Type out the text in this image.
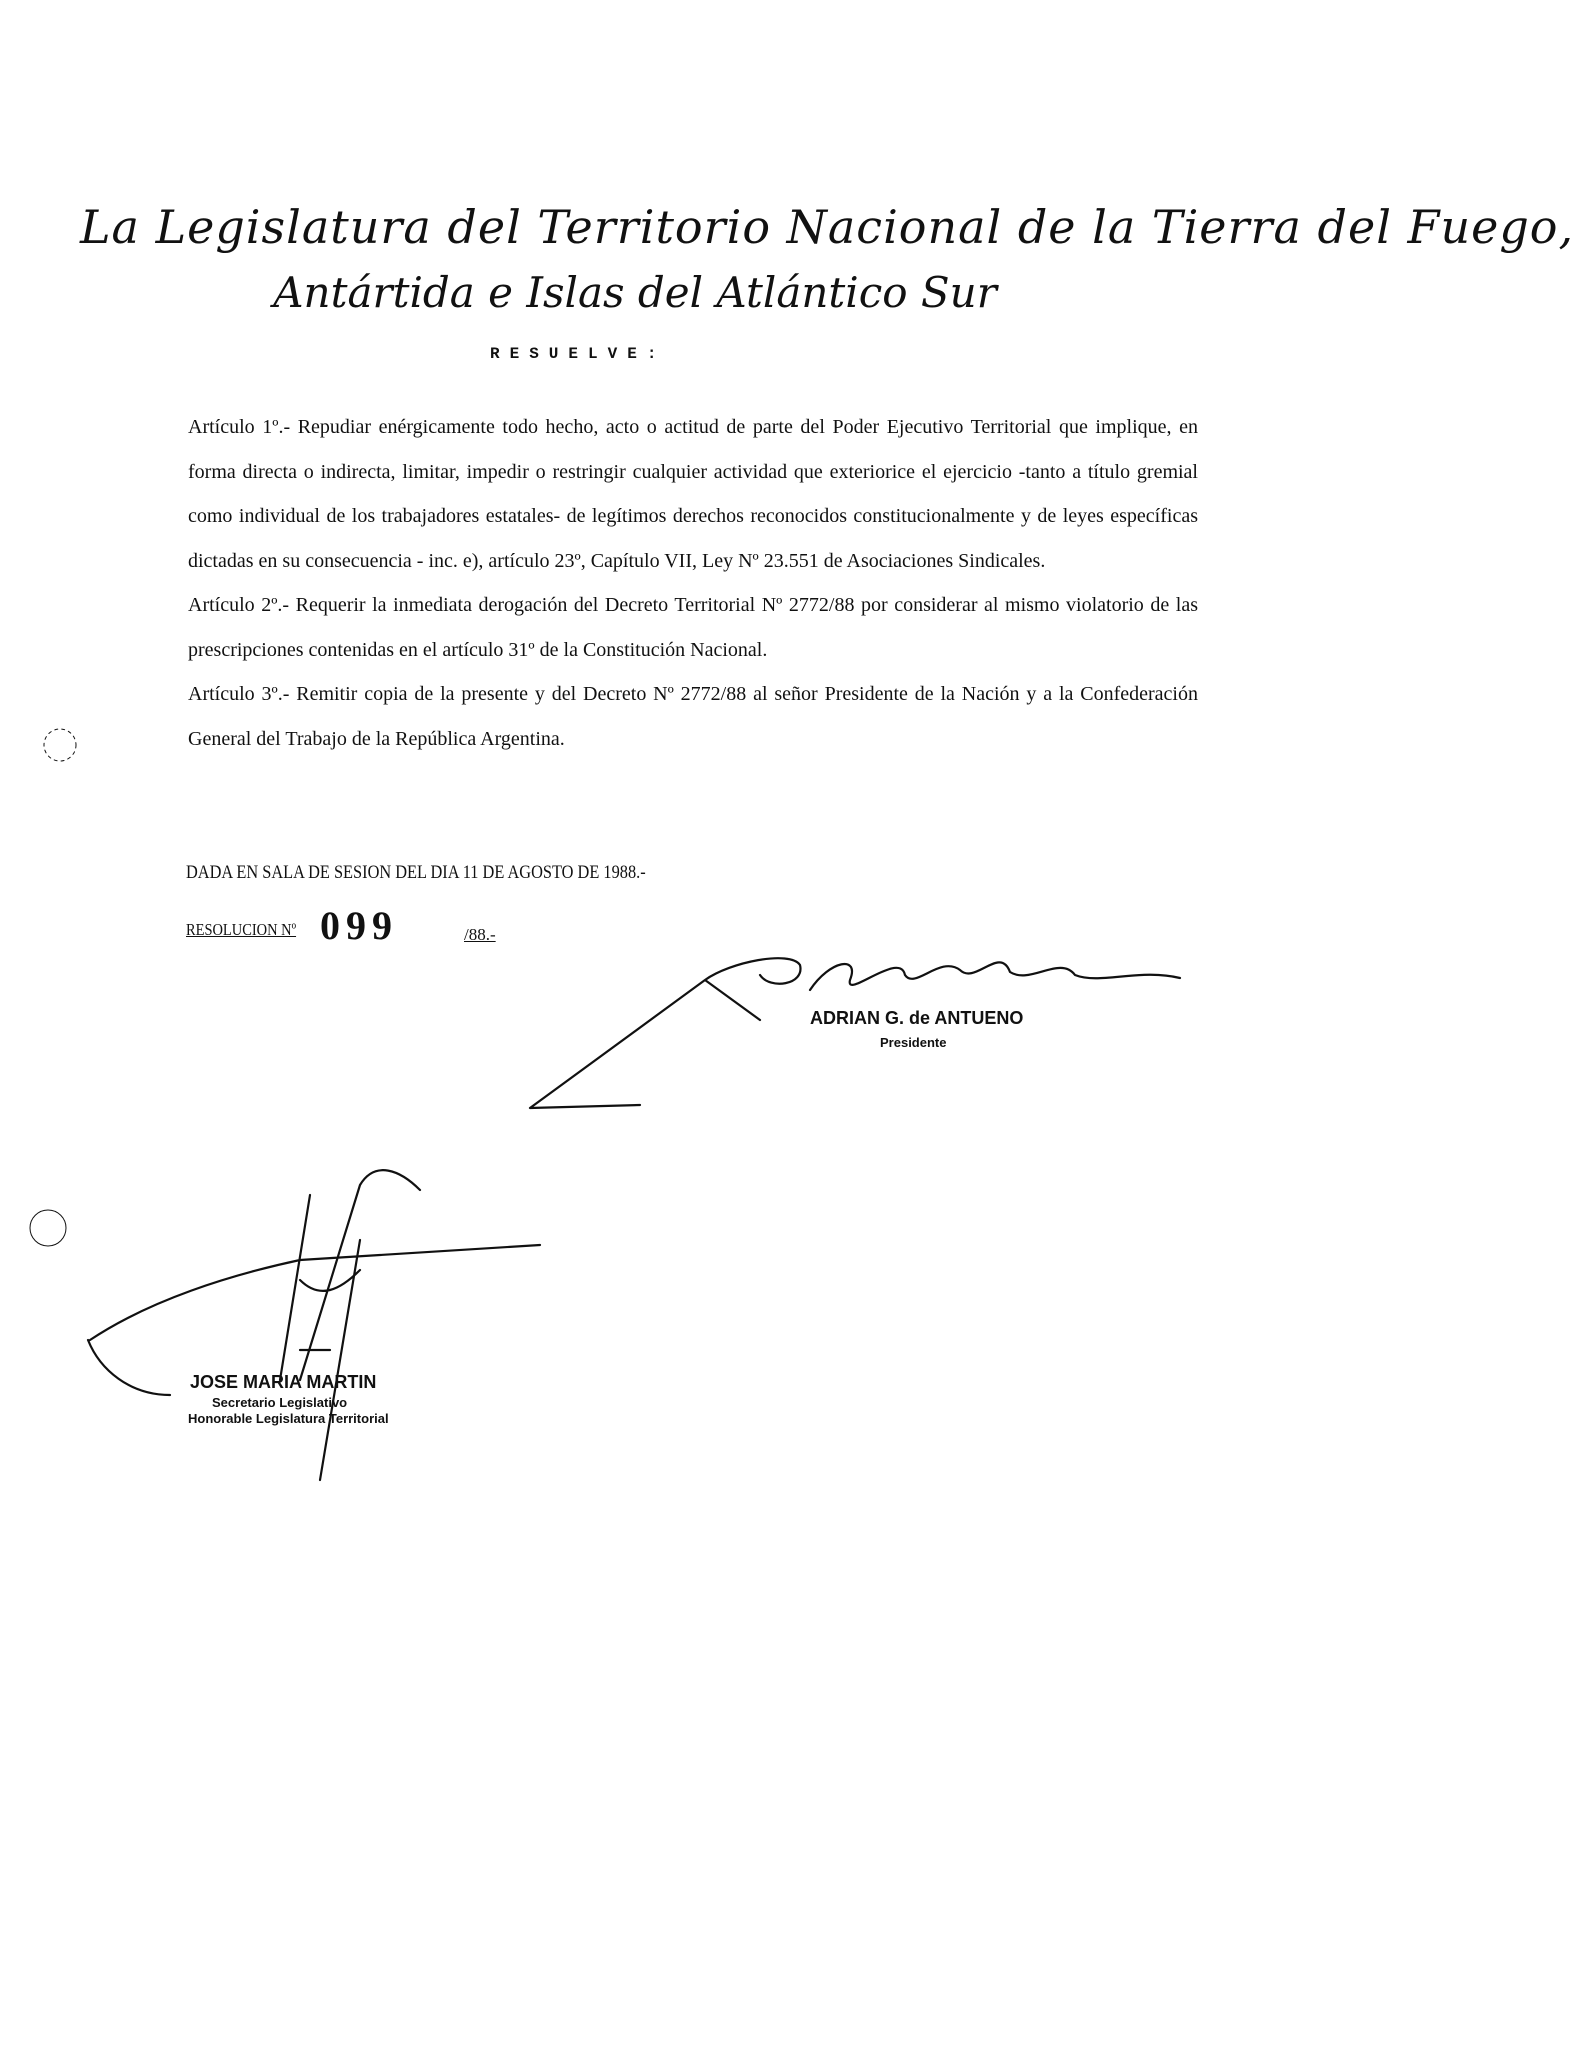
La Legislatura del Territorio Nacional de la Tierra del Fuego,
Antártida e Islas del Atlántico Sur
RESUELVE:

Artículo 1º.- Repudiar enérgicamente todo hecho, acto o actitud de parte del Poder Ejecutivo Territorial que implique, en forma directa o indirecta, limitar, impedir o restringir cualquier actividad que exteriorice el ejercicio -tanto a título gremial como individual de los trabajadores estatales- de legítimos derechos reconocidos constitucionalmente y de leyes específicas dictadas en su consecuencia - inc. e), artículo 23º, Capítulo VII, Ley Nº 23.551 de Asociaciones Sindicales.

Artículo 2º.- Requerir la inmediata derogación del Decreto Territorial Nº 2772/88 por considerar al mismo violatorio de las prescripciones contenidas en el artículo 31º de la Constitución Nacional.

Artículo 3º.- Remitir copia de la presente y del Decreto Nº 2772/88 al señor Presidente de la Nación y a la Confederación General del Trabajo de la República Argentina.

DADA EN SALA DE SESION DEL DIA 11 DE AGOSTO DE 1988.-
RESOLUCION Nº 099	/88.-
ADRIAN G. de ANTUENO
Presidente
JOSE MARIA MARTIN
Secretario Legislativo
Honorable Legislatura Territorial
